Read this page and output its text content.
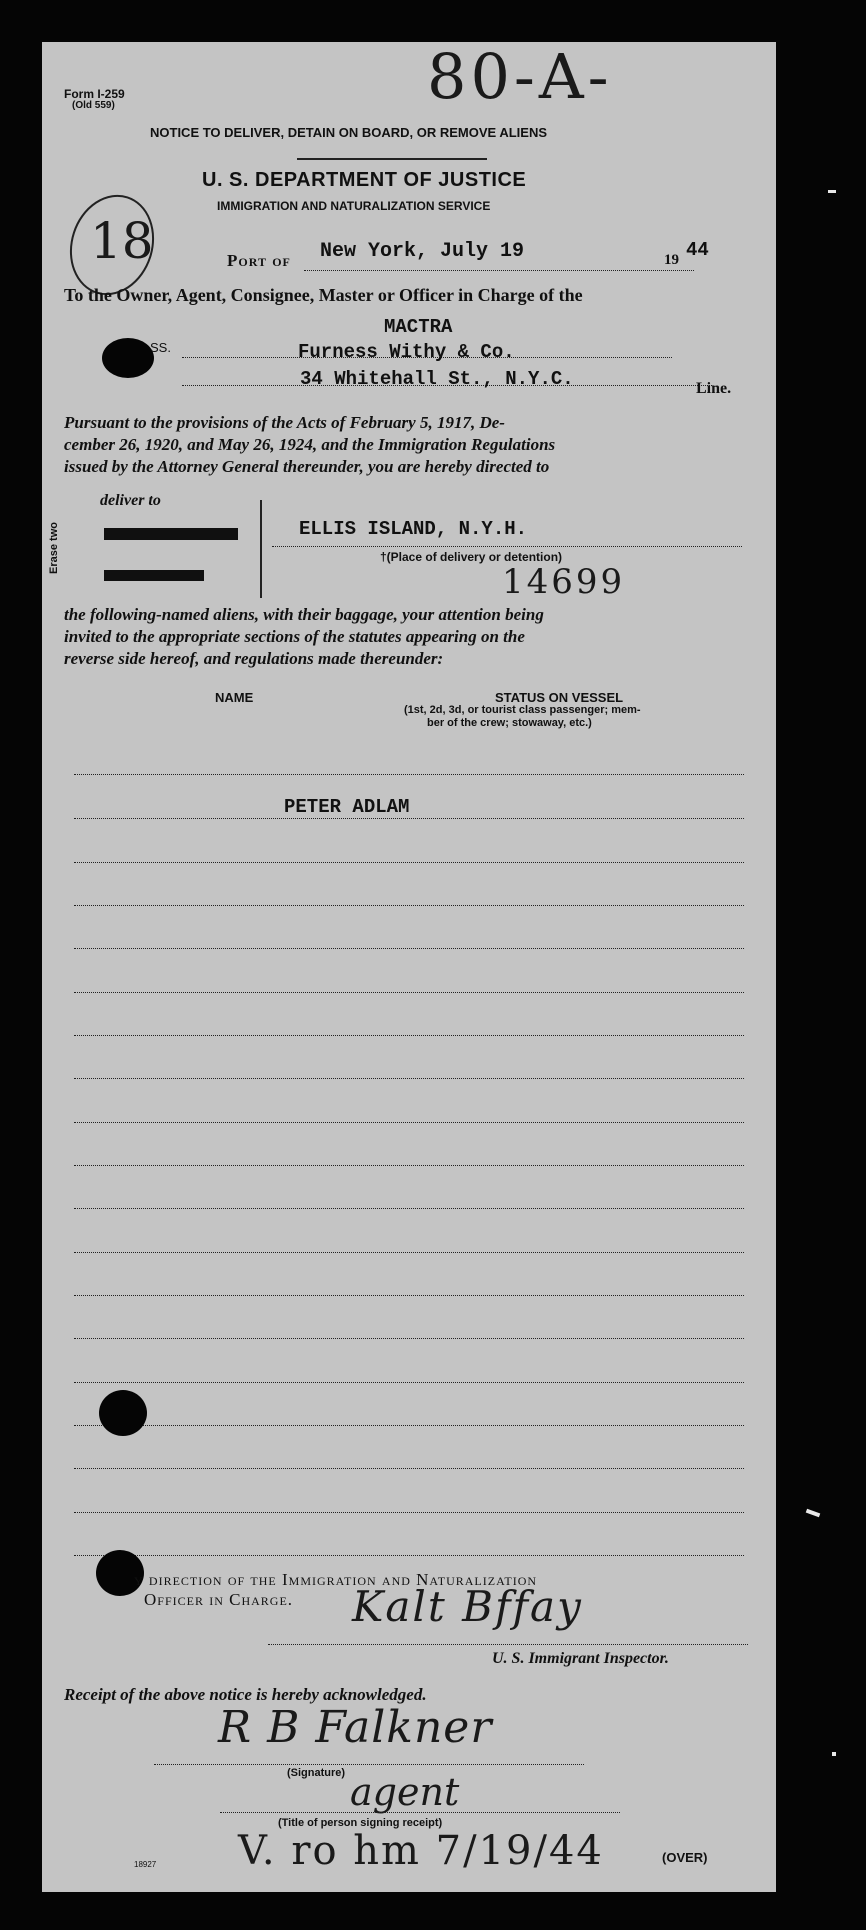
Form I-259
(Old 559)	80-A-
NOTICE TO DELIVER, DETAIN ON BOARD, OR REMOVE ALIENS
U. S. DEPARTMENT OF JUSTICE
IMMIGRATION AND NATURALIZATION SERVICE
18	Port of New York, July 19	19 44
To the Owner, Agent, Consignee, Master or Officer in Charge of the
MACTRA
SS.	Furness Withy & Co.
34 Whitehall St., N.Y.C.	Line.
Pursuant to the provisions of the Acts of February 5, 1917, De-
cember 26, 1920, and May 26, 1924, and the Immigration Regulations
issued by the Attorney General thereunder, you are hereby directed to
Erase two
deliver to
ELLIS ISLAND, N.Y.H.
†(Place of delivery or detention)
14699
the following-named aliens, with their baggage, your attention being
invited to the appropriate sections of the statutes appearing on the
reverse side hereof, and regulations made thereunder:
NAME	STATUS ON VESSEL
(1st, 2d, 3d, or tourist class passenger; mem-
ber of the crew; stowaway, etc.)
PETER ADLAM
y direction of the Immigration and Naturalization
Officer in Charge. Kalt Bffay
U. S. Immigrant Inspector.
Receipt of the above notice is hereby acknowledged.
R B Falkner
(Signature) agent
(Title of person signing receipt)
V. ro hm 7/19/44
18927	(OVER)
